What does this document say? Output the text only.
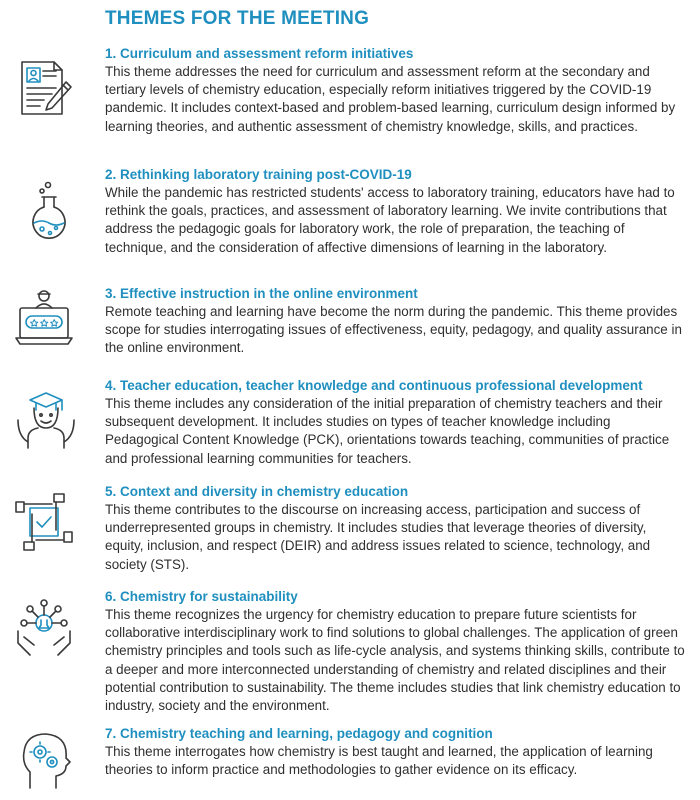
THEMES FOR THE MEETING
1. Curriculum and assessment reform initiatives

This theme addresses the need for curriculum and assessment reform at the secondary and tertiary levels of chemistry education, especially reform initiatives triggered by the COVID-19 pandemic. It includes context-based and problem-based learning, curriculum design informed by learning theories, and authentic assessment of chemistry knowledge, skills, and practices.

2. Rethinking laboratory training post-COVID-19

While the pandemic has restricted students' access to laboratory training, educators have had to rethink the goals, practices, and assessment of laboratory learning. We invite contributions that address the pedagogic goals for laboratory work, the role of preparation, the teaching of technique, and the consideration of affective dimensions of learning in the laboratory.

3. Effective instruction in the online environment

Remote teaching and learning have become the norm during the pandemic. This theme provides scope for studies interrogating issues of effectiveness, equity, pedagogy, and quality assurance in the online environment.

4. Teacher education, teacher knowledge and continuous professional development

This theme includes any consideration of the initial preparation of chemistry teachers and their subsequent development. It includes studies on types of teacher knowledge including Pedagogical Content Knowledge (PCK), orientations towards teaching, communities of practice and professional learning communities for teachers.

5. Context and diversity in chemistry education

This theme contributes to the discourse on increasing access, participation and success of underrepresented groups in chemistry. It includes studies that leverage theories of diversity, equity, inclusion, and respect (DEIR) and address issues related to science, technology, and society (STS).

6. Chemistry for sustainability

This theme recognizes the urgency for chemistry education to prepare future scientists for collaborative interdisciplinary work to find solutions to global challenges. The application of green chemistry principles and tools such as life-cycle analysis, and systems thinking skills, contribute to a deeper and more interconnected understanding of chemistry and related disciplines and their potential contribution to sustainability. The theme includes studies that link chemistry education to industry, society and the environment.

7. Chemistry teaching and learning, pedagogy and cognition

This theme interrogates how chemistry is best taught and learned, the application of learning theories to inform practice and methodologies to gather evidence on its efficacy.
